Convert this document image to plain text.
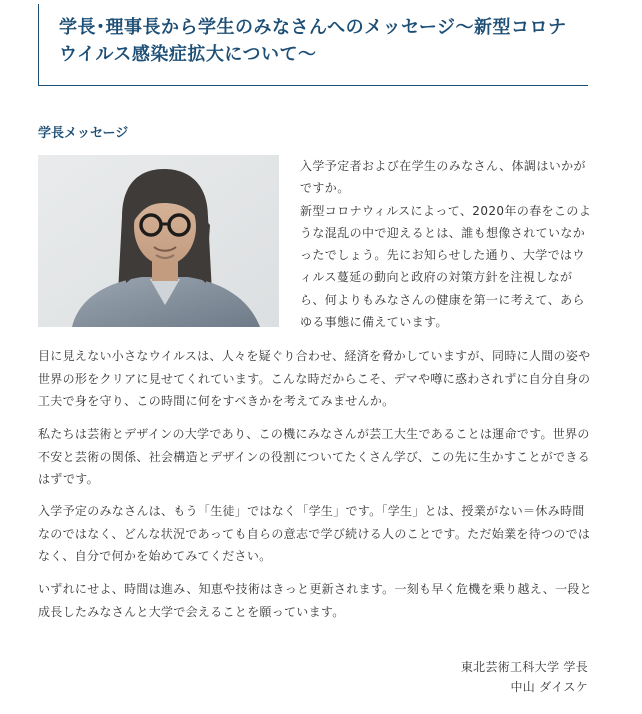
学長･理事長から学生のみなさんへのメッセージ〜新型コロナ
ウイルス感染症拡大について〜
学長メッセージ

入学予定者および在学生のみなさん、体調はいかがですか。

新型コロナウィルスによって、2020年の春をこのような混乱の中で迎えるとは、誰も想像されていなかったでしょう。先にお知らせした通り、大学ではウィルス蔓延の動向と政府の対策方針を注視しながら、何よりもみなさんの健康を第一に考えて、あらゆる事態に備えています。

目に見えない小さなウイルスは、人々を疑ぐり合わせ、経済を脅かしていますが、同時に人間の姿や世界の形をクリアに見せてくれています。こんな時だからこそ、デマや噂に惑わされずに自分自身の工夫で身を守り、この時間に何をすべきかを考えてみませんか。

私たちは芸術とデザインの大学であり、この機にみなさんが芸工大生であることは運命です。世界の不安と芸術の関係、社会構造とデザインの役割についてたくさん学び、この先に生かすことができるはずです。

入学予定のみなさんは、もう「生徒」ではなく「学生」です。「学生」とは、授業がない＝休み時間なのではなく、どんな状況であっても自らの意志で学び続ける人のことです。ただ始業を待つのではなく、自分で何かを始めてみてください。

いずれにせよ、時間は進み、知恵や技術はきっと更新されます。一刻も早く危機を乗り越え、一段と成長したみなさんと大学で会えることを願っています。

東北芸術工科大学 学長
中山 ダイスケ
